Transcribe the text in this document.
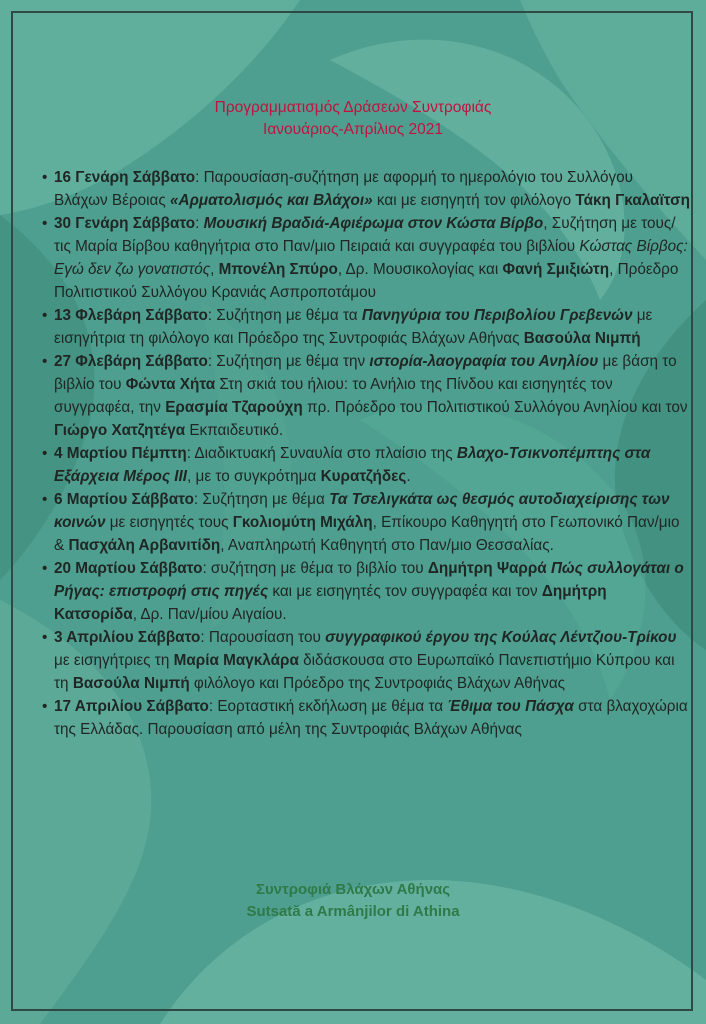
Προγραμματισμός Δράσεων Συντροφιάς
Ιανουάριος-Απρίλιος 2021
• 16 Γενάρη Σάββατο: Παρουσίαση-συζήτηση με αφορμή το ημερολόγιο του Συλλόγου Βλάχων Βέροιας «Αρματολισμός και Βλάχοι» και με εισηγητή τον φιλόλογο Τάκη Γκαλαϊτση
• 30 Γενάρη Σάββατο: Μουσική Βραδιά-Αφιέρωμα στον Κώστα Βίρβο, Συζήτηση με τους/τις Μαρία Βίρβου καθηγήτρια στο Παν/μιο Πειραιά και συγγραφέα του βιβλίου Κώστας Βίρβος: Εγώ δεν ζω γονατιστός, Μπονέλη Σπύρο, Δρ. Μουσικολογίας και Φανή Σμιξιώτη, Πρόεδρο Πολιτιστικού Συλλόγου Κρανιάς Ασπροποτάμου
• 13 Φλεβάρη Σάββατο: Συζήτηση με θέμα τα Πανηγύρια του Περιβολίου Γρεβενών με εισηγήτρια τη φιλόλογο και Πρόεδρο της Συντροφιάς Βλάχων Αθήνας Βασούλα Νιμπή
• 27 Φλεβάρη Σάββατο: Συζήτηση με θέμα την ιστορία-λαογραφία του Ανηλίου με βάση το βιβλίο του Φώντα Χήτα Στη σκιά του ήλιου: το Ανήλιο της Πίνδου και εισηγητές τον συγγραφέα, την Ερασμία Τζαρούχη πρ. Πρόεδρο του Πολιτιστικού Συλλόγου Ανηλίου και τον Γιώργο Χατζητέγα Εκπαιδευτικό.
• 4 Μαρτίου Πέμπτη: Διαδικτυακή Συναυλία στο πλαίσιο της Βλαχο-Τσικνοπέμπτης στα Εξάρχεια Μέρος ΙΙΙ, με το συγκρότημα Κυρατζήδες.
• 6 Μαρτίου Σάββατο: Συζήτηση με θέμα Τα Τσελιγκάτα ως θεσμός αυτοδιαχείρισης των κοινών με εισηγητές τους Γκολιομύτη Μιχάλη, Επίκουρο Καθηγητή στο Γεωπονικό Παν/μιο & Πασχάλη Αρβανιτίδη, Αναπληρωτή Καθηγητή στο Παν/μιο Θεσσαλίας.
• 20 Μαρτίου Σάββατο: συζήτηση με θέμα το βιβλίο του Δημήτρη Ψαρρά Πώς συλλογάται ο Ρήγας: επιστροφή στις πηγές και με εισηγητές τον συγγραφέα και τον Δημήτρη Κατσορίδα, Δρ. Παν/μίου Αιγαίου.
• 3 Απριλίου Σάββατο: Παρουσίαση του συγγραφικού έργου της Κούλας Λέντζιου-Τρίκου με εισηγήτριες τη Μαρία Μαγκλάρα διδάσκουσα στο Ευρωπαϊκό Πανεπιστήμιο Κύπρου και τη Βασούλα Νιμπή φιλόλογο και Πρόεδρο της Συντροφιάς Βλάχων Αθήνας
• 17 Απριλίου Σάββατο: Εορταστική εκδήλωση με θέμα τα Έθιμα του Πάσχα στα βλαχοχώρια της Ελλάδας. Παρουσίαση από μέλη της Συντροφιάς Βλάχων Αθήνας
Συντροφιά Βλάχων Αθήνας
Sutsată a Armânjilor di Athina
